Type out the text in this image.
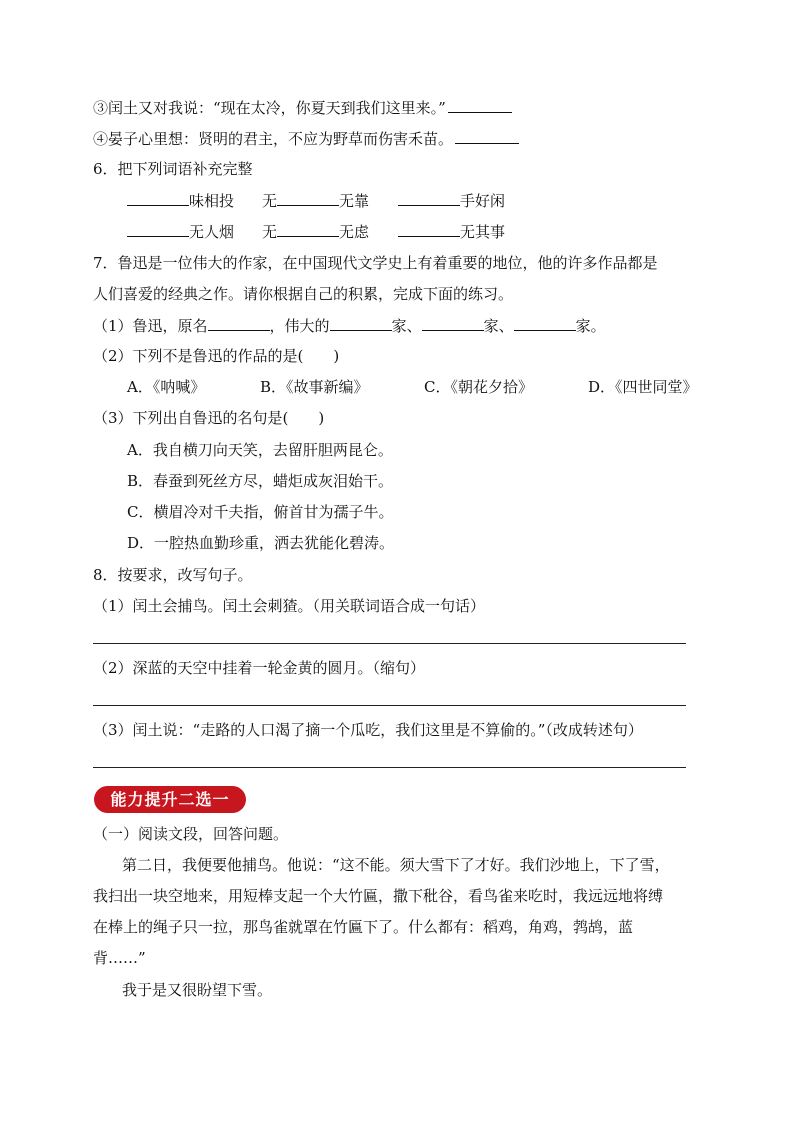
③闰土又对我说：“现在太冷，你夏天到我们这里来。”
④晏子心里想：贤明的君主，不应为野草而伤害禾苗。
6．把下列词语补充完整
味相投 无	无靠	手好闲
无人烟 无	无虑	无其事
7．鲁迅是一位伟大的作家，在中国现代文学史上有着重要的地位，他的许多作品都是
人们喜爱的经典之作。请你根据自己的积累，完成下面的练习。
（1）鲁迅，原名	，伟大的	家、	家、	家。
（2）下列不是鲁迅的作品的是(　　)
A．《呐喊》	B．《故事新编》	C．《朝花夕拾》	D．《四世同堂》
（3）下列出自鲁迅的名句是(　　)
A．我自横刀向天笑，去留肝胆两昆仑。
B．春蚕到死丝方尽，蜡炬成灰泪始干。
C．横眉冷对千夫指，俯首甘为孺子牛。
D．一腔热血勤珍重，洒去犹能化碧涛。
8．按要求，改写句子。
（1）闰土会捕鸟。闰土会刺猹。（用关联词语合成一句话）
（2）深蓝的天空中挂着一轮金黄的圆月。（缩句）
（3）闰土说：“走路的人口渴了摘一个瓜吃，我们这里是不算偷的。”（改成转述句）
能力提升二选一
（一）阅读文段，回答问题。
第二日，我便要他捕鸟。他说：“这不能。须大雪下了才好。我们沙地上，下了雪，
我扫出一块空地来，用短棒支起一个大竹匾，撒下秕谷，看鸟雀来吃时，我远远地将缚
在棒上的绳子只一拉，那鸟雀就罩在竹匾下了。什么都有：稻鸡，角鸡，鹁鸪，蓝
背……”
我于是又很盼望下雪。
